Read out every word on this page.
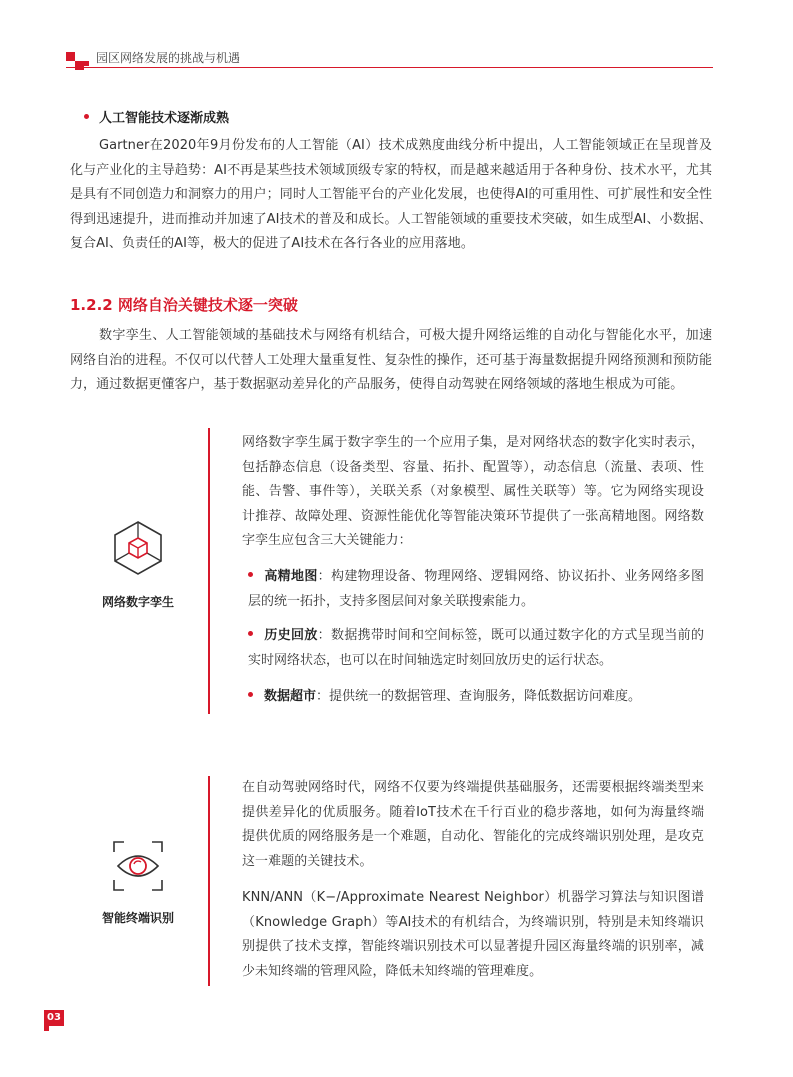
园区网络发展的挑战与机遇
人工智能技术逐渐成熟
Gartner在2020年9月份发布的人工智能（AI）技术成熟度曲线分析中提出，人工智能领域正在呈现普及化与产业化的主导趋势：AI不再是某些技术领域顶级专家的特权，而是越来越适用于各种身份、技术水平，尤其是具有不同创造力和洞察力的用户；同时人工智能平台的产业化发展，也使得AI的可重用性、可扩展性和安全性得到迅速提升，进而推动并加速了AI技术的普及和成长。人工智能领域的重要技术突破，如生成型AI、小数据、复合AI、负责任的AI等，极大的促进了AI技术在各行各业的应用落地。
1.2.2 网络自治关键技术逐一突破
数字孪生、人工智能领域的基础技术与网络有机结合，可极大提升网络运维的自动化与智能化水平，加速网络自治的进程。不仅可以代替人工处理大量重复性、复杂性的操作，还可基于海量数据提升网络预测和预防能力，通过数据更懂客户，基于数据驱动差异化的产品服务，使得自动驾驶在网络领域的落地生根成为可能。
网络数字孪生
网络数字孪生属于数字孪生的一个应用子集，是对网络状态的数字化实时表示，包括静态信息（设备类型、容量、拓扑、配置等），动态信息（流量、表项、性能、告警、事件等），关联关系（对象模型、属性关联等）等。它为网络实现设计推荐、故障处理、资源性能优化等智能决策环节提供了一张高精地图。网络数字孪生应包含三大关键能力：
高精地图：构建物理设备、物理网络、逻辑网络、协议拓扑、业务网络多图层的统一拓扑，支持多图层间对象关联搜索能力。
历史回放：数据携带时间和空间标签，既可以通过数字化的方式呈现当前的实时网络状态，也可以在时间轴选定时刻回放历史的运行状态。
数据超市：提供统一的数据管理、查询服务，降低数据访问难度。
智能终端识别
在自动驾驶网络时代，网络不仅要为终端提供基础服务，还需要根据终端类型来提供差异化的优质服务。随着IoT技术在千行百业的稳步落地，如何为海量终端提供优质的网络服务是一个难题，自动化、智能化的完成终端识别处理，是攻克这一难题的关键技术。
KNN/ANN（K−/Approximate Nearest Neighbor）机器学习算法与知识图谱（Knowledge Graph）等AI技术的有机结合，为终端识别，特别是未知终端识别提供了技术支撑，智能终端识别技术可以显著提升园区海量终端的识别率，减少未知终端的管理风险，降低未知终端的管理难度。
03
